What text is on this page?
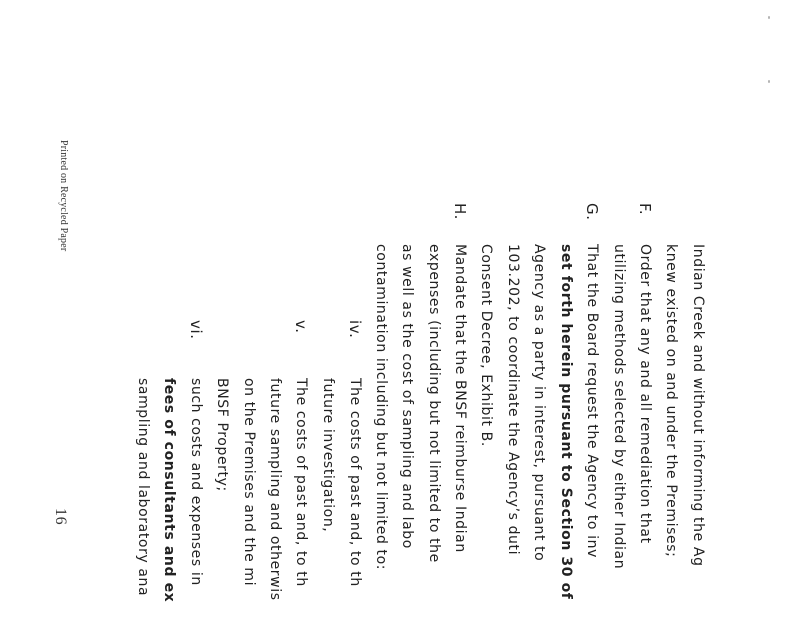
Indian Creek and without informing the Ag
knew existed on and under the Premises;
Order that any and all remediation that
utilizing methods selected by either Indian
That the Board request the Agency to inv
set forth herein pursuant to Section 30 of
Agency as a party in interest, pursuant to
103.202, to coordinate the Agency’s duti
Consent Decree, Exhibit B.
Mandate that the BNSF reimburse Indian
expenses (including but not limited to the
as well as the cost of sampling and labo
contamination including but not limited to:
The costs of past and, to th
future investigation,
The costs of past and, to th
future sampling and otherwis
on the Premises and the mi
BNSF Property;
such costs and expenses in
fees of consultants and ex
sampling and laboratory ana
F.
G.
H.
iv.
v.
vi.
16
Printed on Recycled Paper
